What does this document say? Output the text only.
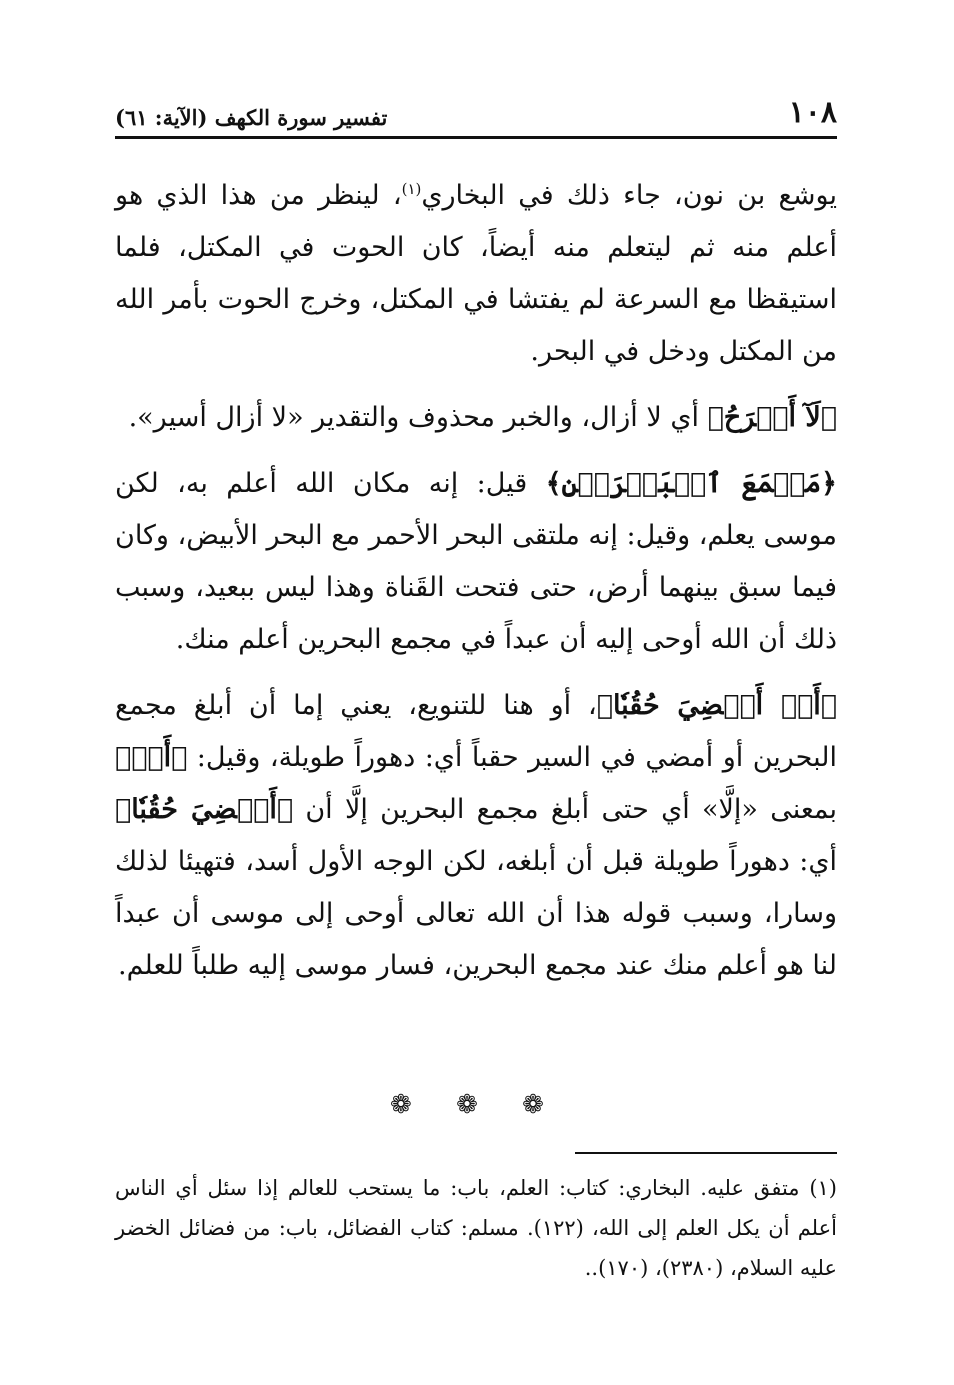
١٠٨
تفسير سورة الكهف (الآية: ٦١)

يوشع بن نون، جاء ذلك في البخاري$^{(١)}$، لينظر من هذا الذي هو أعلم منه ثم ليتعلم منه أيضاً، كان الحوت في المكتل، فلما استيقظا مع السرعة لم يفتشا في المكتل، وخرج الحوت بأمر الله من المكتل ودخل في البحر.

﴿لَآ أَبۡرَحُ﴾ أي لا أزال، والخبر محذوف والتقدير «لا أزال أسير».

﴿مَجۡمَعَ ٱلۡبَحۡرَيۡنِ﴾ قيل: إنه مكان الله أعلم به، لكن موسى يعلم، وقيل: إنه ملتقى البحر الأحمر مع البحر الأبيض، وكان فيما سبق بينهما أرض، حتى فتحت القَناة وهذا ليس ببعيد، وسبب ذلك أن الله أوحى إليه أن عبداً في مجمع البحرين أعلم منك.

﴿أَوۡ أَمۡضِيَ حُقُبٗا﴾، أو هنا للتنويع، يعني إما أن أبلغ مجمع البحرين أو أمضي في السير حقباً أي: دهوراً طويلة، وقيل: ﴿أَوۡ﴾ بمعنى «إلَّا» أي حتى أبلغ مجمع البحرين إلَّا أن ﴿أَمۡضِيَ حُقُبٗا﴾ أي: دهوراً طويلة قبل أن أبلغه، لكن الوجه الأول أسد، فتهيئا لذلك وسارا، وسبب قوله هذا أن الله تعالى أوحى إلى موسى أن عبداً لنا هو أعلم منك عند مجمع البحرين، فسار موسى إليه طلباً للعلم.

❁ ❁ ❁
(١) متفق عليه. البخاري: كتاب: العلم، باب: ما يستحب للعالم إذا سئل أي الناس أعلم أن يكل العلم إلى الله، (١٢٢). مسلم: كتاب الفضائل، باب: من فضائل الخضر عليه السلام، (٢٣٨٠)، (١٧٠)..
